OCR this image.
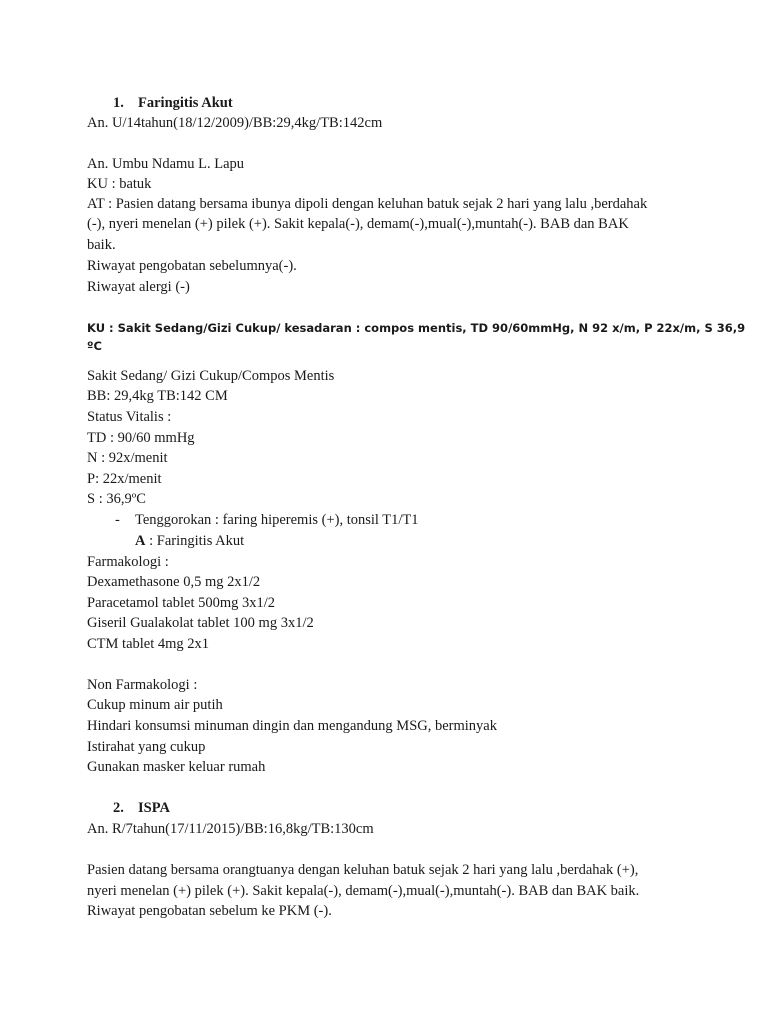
1. Faringitis Akut
An. U/14tahun(18/12/2009)/BB:29,4kg/TB:142cm
An. Umbu Ndamu L. Lapu
KU : batuk
AT : Pasien datang bersama ibunya dipoli dengan keluhan batuk sejak 2 hari yang lalu ,berdahak
(-), nyeri menelan (+) pilek (+). Sakit kepala(-), demam(-),mual(-),muntah(-). BAB dan BAK
baik.
Riwayat pengobatan sebelumnya(-).
Riwayat alergi (-)
KU : Sakit Sedang/Gizi Cukup/ kesadaran : compos mentis, TD 90/60mmHg, N 92 x/m, P 22x/m, S 36,9
ºC
Sakit Sedang/ Gizi Cukup/Compos Mentis
BB: 29,4kg TB:142 CM
Status Vitalis :
TD : 90/60 mmHg
N : 92x/menit
P: 22x/menit
S : 36,9ºC
- Tenggorokan : faring hiperemis (+), tonsil T1/T1
A : Faringitis Akut
Farmakologi :
Dexamethasone 0,5 mg 2x1/2
Paracetamol tablet 500mg 3x1/2
Giseril Gualakolat tablet 100 mg 3x1/2
CTM tablet 4mg 2x1
Non Farmakologi :
Cukup minum air putih
Hindari konsumsi minuman dingin dan mengandung MSG, berminyak
Istirahat yang cukup
Gunakan masker keluar rumah
2. ISPA
An. R/7tahun(17/11/2015)/BB:16,8kg/TB:130cm
Pasien datang bersama orangtuanya dengan keluhan batuk sejak 2 hari yang lalu ,berdahak (+),
nyeri menelan (+) pilek (+). Sakit kepala(-), demam(-),mual(-),muntah(-). BAB dan BAK baik.
Riwayat pengobatan sebelum ke PKM (-).
